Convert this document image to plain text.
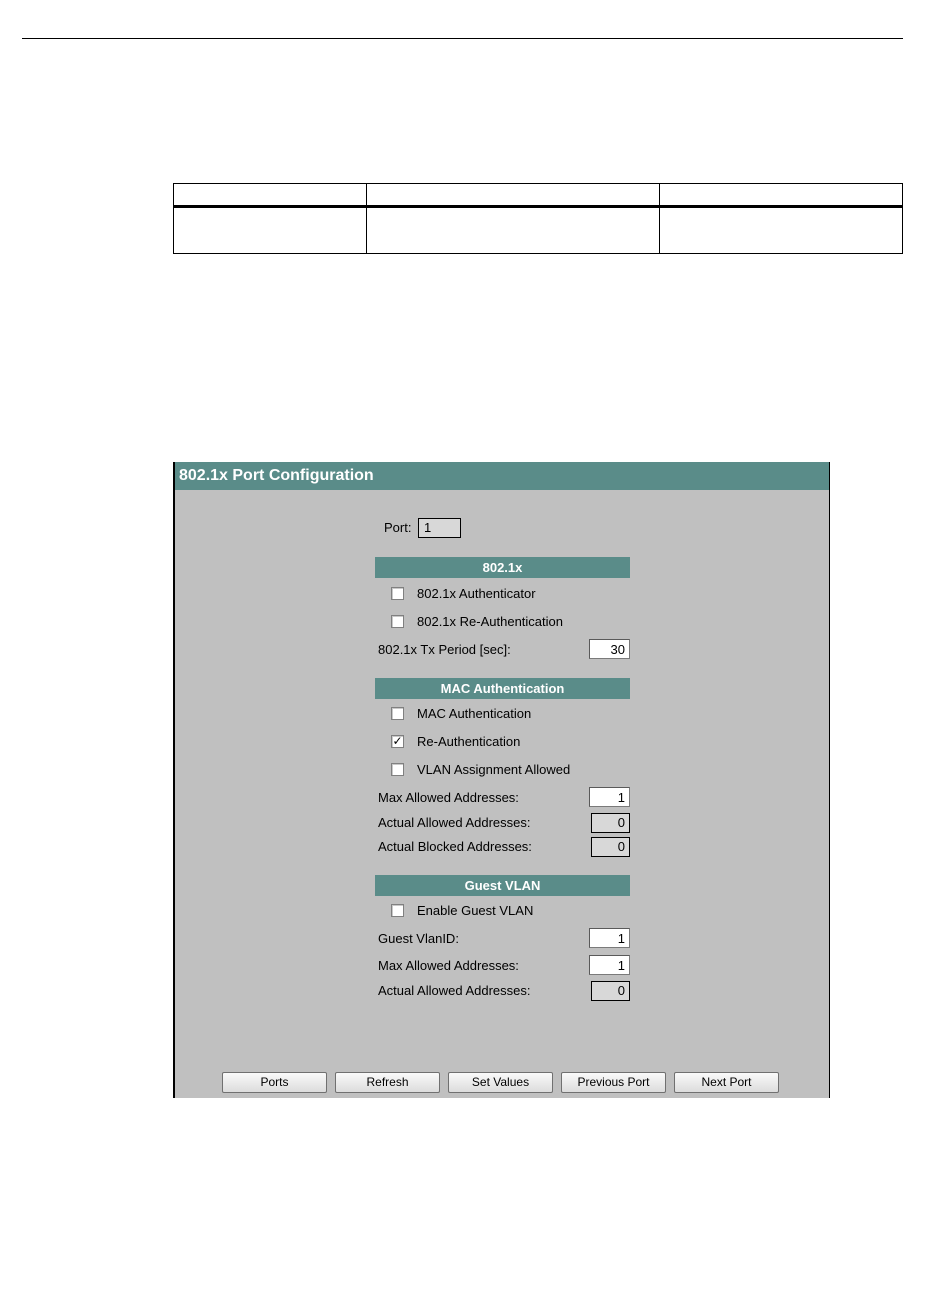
802.1x Port Configuration
Port: 1
802.1x
802.1x Authenticator
802.1x Re-Authentication
802.1x Tx Period [sec]:
30
MAC Authentication
MAC Authentication
✓ Re-Authentication
VLAN Assignment Allowed
Max Allowed Addresses:
1
Actual Allowed Addresses:	0
Actual Blocked Addresses:	0
Guest VLAN
Enable Guest VLAN
Guest VlanID:
1
Max Allowed Addresses:
1
Actual Allowed Addresses:	0
Ports	Refresh	Set Values	Previous Port	Next Port
